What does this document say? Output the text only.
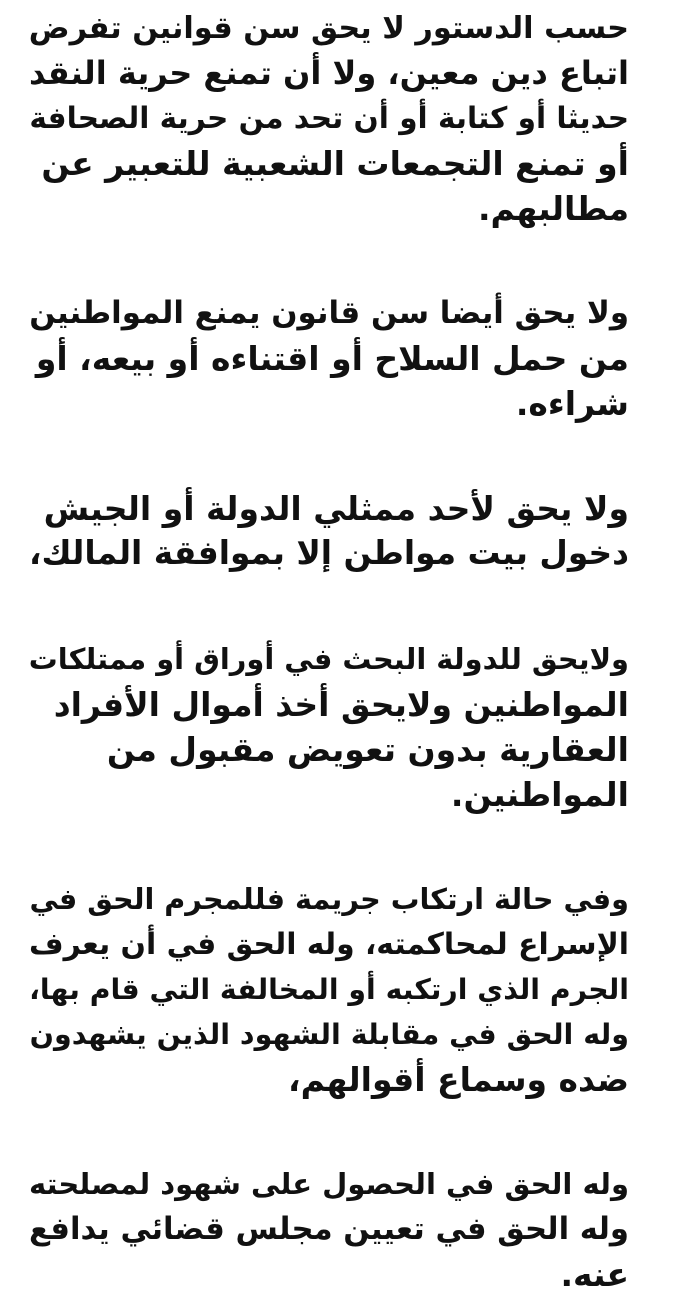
حسب الدستور لا يحق سن قوانين تفرض
اتباع دين معين، ولا أن تمنع حرية النقد
حديثا أو كتابة أو أن تحد من حرية الصحافة
أو تمنع التجمعات الشعبية للتعبير عن
مطالبهم.

ولا يحق أيضا سن قانون يمنع المواطنين
من حمل السلاح أو اقتناءه أو بيعه، أو
شراءه.

ولا يحق لأحد ممثلي الدولة أو الجيش
دخول بيت مواطن إلا بموافقة المالك،

ولايحق للدولة البحث في أوراق أو ممتلكات
المواطنين ولايحق أخذ أموال الأفراد
العقارية بدون تعويض مقبول من
المواطنين.

وفي حالة ارتكاب جريمة فللمجرم الحق في
الإسراع لمحاكمته، وله الحق في أن يعرف
الجرم الذي ارتكبه أو المخالفة التي قام بها،
وله الحق في مقابلة الشهود الذين يشهدون
ضده وسماع أقوالهم،

وله الحق في الحصول على شهود لمصلحته
وله الحق في تعيين مجلس قضائي يدافع
عنه.
